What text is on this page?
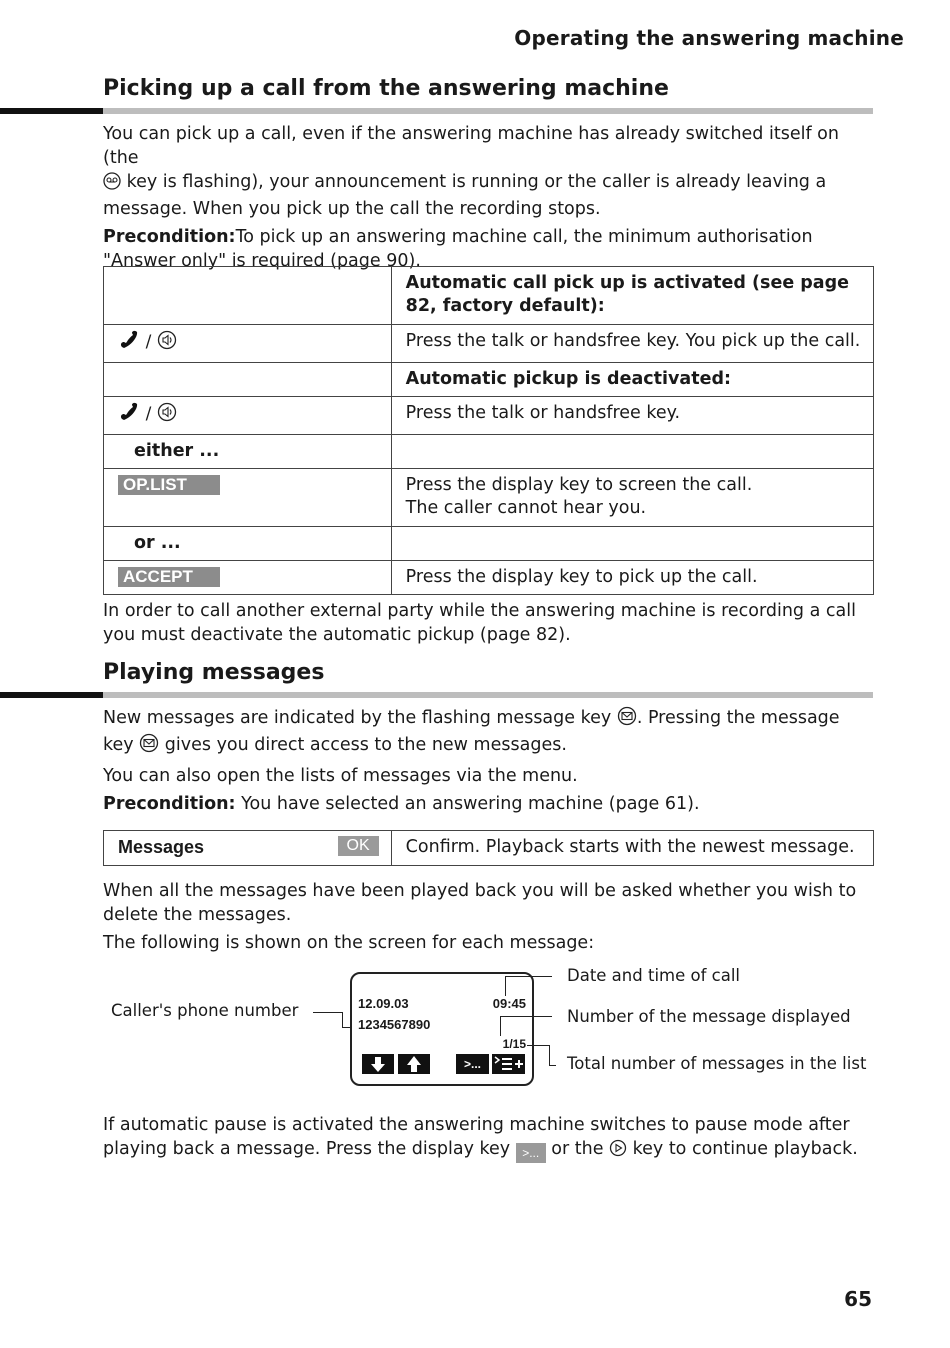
Operating the answering machine
Picking up a call from the answering machine

You can pick up a call, even if the answering machine has already switched itself on (the
key is flashing), your announcement is running or the caller is already leaving a message. When you pick up the call the recording stops.

Precondition:To pick up an answering machine call, the minimum authorisation "Answer only" is required (page 90).

	Automatic call pick up is activated (see page 82, factory default):
/	Press the talk or handsfree key. You pick up the call.
	Automatic pickup is deactivated:
/	Press the talk or handsfree key.
either ...	
OP.LIST	Press the display key to screen the call.
The caller cannot hear you.
or ...	
ACCEPT	Press the display key to pick up the call.
In order to call another external party while the answering machine is recording a call you must deactivate the automatic pickup (page 82).
Playing messages

New messages are indicated by the flashing message key . Pressing the message
key gives you direct access to the new messages.

You can also open the lists of messages via the menu.

Precondition: You have selected an answering machine (page 61).

Messages	OK	Confirm. Playback starts with the newest message.

When all the messages have been played back you will be asked whether you wish to delete the messages.

The following is shown on the screen for each message:

12.09.03	09:45
1234567890
1/15
>...
Caller's phone number
Date and time of call
Number of the message displayed
Total number of messages in the list
If automatic pause is activated the answering machine switches to pause mode after playing back a message. Press the display key >... or the key to continue playback.
65
